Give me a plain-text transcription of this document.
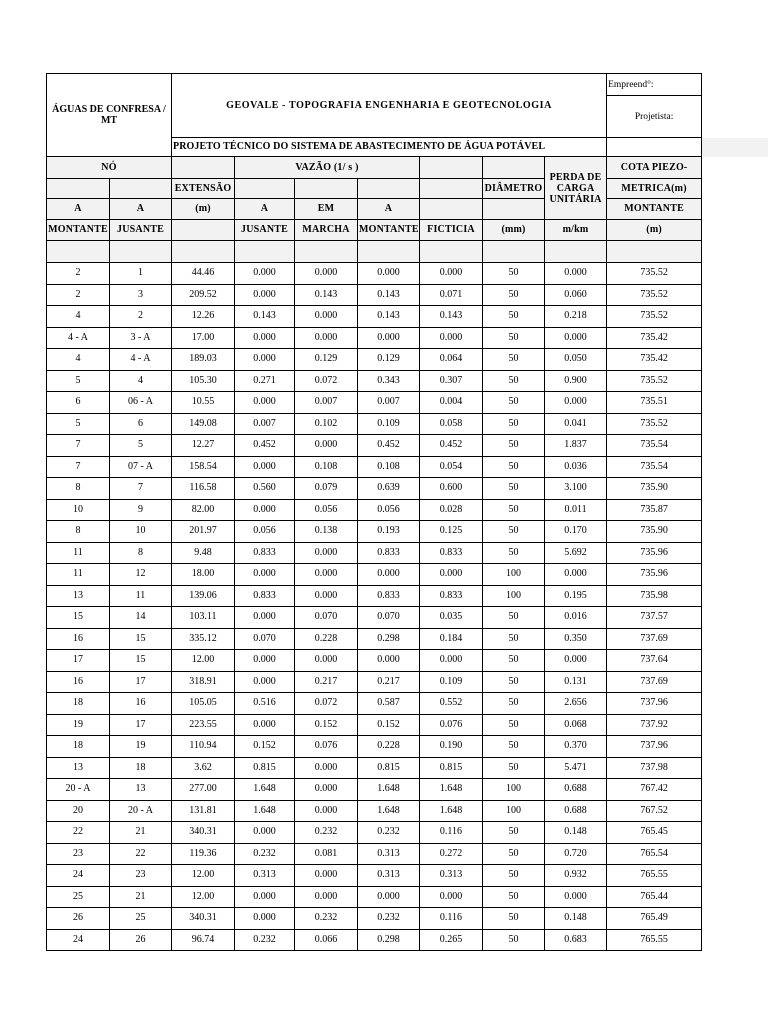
ÁGUAS DE CONFRESA / MT		GEOVALE - TOPOGRAFIA ENGENHARIA E GEOTECNOLOGIA							Empreend°:
									Projetista:
		PROJETO TÉCNICO DO SISTEMA DE ABASTECIMENTO DE ÁGUA POTÁVEL							
NÓ			VAZÃO (1/ s )					PERDA DE CARGA UNITÁRIA	COTA PIEZO-
		EXTENSÃO					DIÂMETRO		METRICA(m)
A	A	(m)	A	EM	A				MONTANTE
MONTANTE	JUSANTE		JUSANTE	MARCHA	MONTANTE	FICTICIA	(mm)	m/km	(m)

2	1	44.46	0.000	0.000	0.000	0.000	50	0.000	735.52
2	3	209.52	0.000	0.143	0.143	0.071	50	0.060	735.52
4	2	12.26	0.143	0.000	0.143	0.143	50	0.218	735.52
4 - A	3 - A	17.00	0.000	0.000	0.000	0.000	50	0.000	735.42
4	4 - A	189.03	0.000	0.129	0.129	0.064	50	0.050	735.42
5	4	105.30	0.271	0.072	0.343	0.307	50	0.900	735.52
6	06 - A	10.55	0.000	0.007	0.007	0.004	50	0.000	735.51
5	6	149.08	0.007	0.102	0.109	0.058	50	0.041	735.52
7	5	12.27	0.452	0.000	0.452	0.452	50	1.837	735.54
7	07 - A	158.54	0.000	0.108	0.108	0.054	50	0.036	735.54
8	7	116.58	0.560	0.079	0.639	0.600	50	3.100	735.90
10	9	82.00	0.000	0.056	0.056	0.028	50	0.011	735.87
8	10	201.97	0.056	0.138	0.193	0.125	50	0.170	735.90
11	8	9.48	0.833	0.000	0.833	0.833	50	5.692	735.96
11	12	18.00	0.000	0.000	0.000	0.000	100	0.000	735.96
13	11	139.06	0.833	0.000	0.833	0.833	100	0.195	735.98
15	14	103.11	0.000	0.070	0.070	0.035	50	0.016	737.57
16	15	335.12	0.070	0.228	0.298	0.184	50	0.350	737.69
17	15	12.00	0.000	0.000	0.000	0.000	50	0.000	737.64
16	17	318.91	0.000	0.217	0.217	0.109	50	0.131	737.69
18	16	105.05	0.516	0.072	0.587	0.552	50	2.656	737.96
19	17	223.55	0.000	0.152	0.152	0.076	50	0.068	737.92
18	19	110.94	0.152	0.076	0.228	0.190	50	0.370	737.96
13	18	3.62	0.815	0.000	0.815	0.815	50	5.471	737.98
20 - A	13	277.00	1.648	0.000	1.648	1.648	100	0.688	767.42
20	20 - A	131.81	1.648	0.000	1.648	1.648	100	0.688	767.52
22	21	340.31	0.000	0.232	0.232	0.116	50	0.148	765.45
23	22	119.36	0.232	0.081	0.313	0.272	50	0.720	765.54
24	23	12.00	0.313	0.000	0.313	0.313	50	0.932	765.55
25	21	12.00	0.000	0.000	0.000	0.000	50	0.000	765.44
26	25	340.31	0.000	0.232	0.232	0.116	50	0.148	765.49
24	26	96.74	0.232	0.066	0.298	0.265	50	0.683	765.55
